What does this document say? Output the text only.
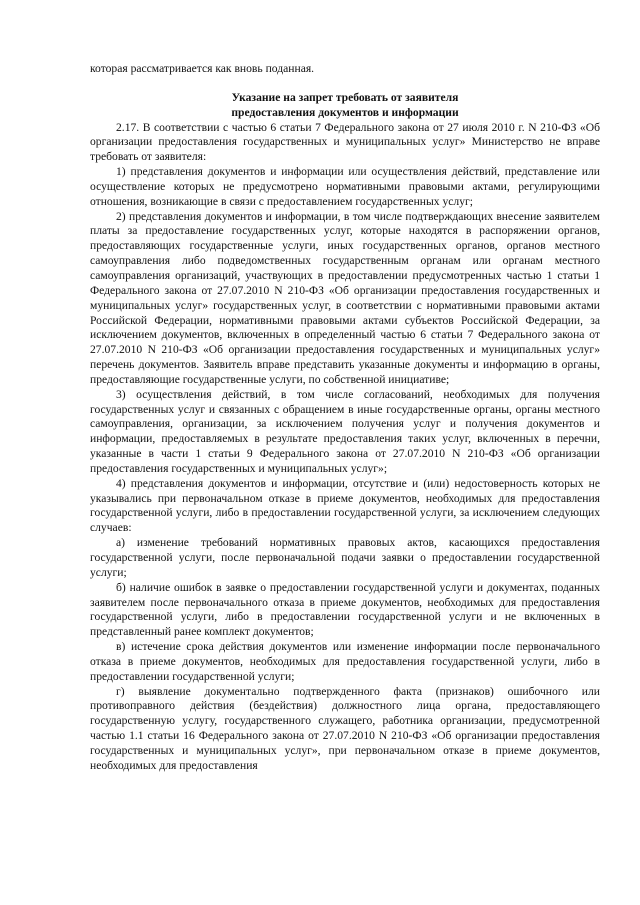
которая рассматривается как вновь поданная.

Указание на запрет требовать от заявителя
предоставления документов и информации

2.17. В соответствии с частью 6 статьи 7 Федерального закона от 27 июля 2010 г. N 210-ФЗ «Об организации предоставления государственных и муниципальных услуг» Министерство не вправе требовать от заявителя:

1) представления документов и информации или осуществления действий, представление или осуществление которых не предусмотрено нормативными правовыми актами, регулирующими отношения, возникающие в связи с предоставлением государственных услуг;

2) представления документов и информации, в том числе подтверждающих внесение заявителем платы за предоставление государственных услуг, которые находятся в распоряжении органов, предоставляющих государственные услуги, иных государственных органов, органов местного самоуправления либо подведомственных государственным органам или органам местного самоуправления организаций, участвующих в предоставлении предусмотренных частью 1 статьи 1 Федерального закона от 27.07.2010 N 210-ФЗ «Об организации предоставления государственных и муниципальных услуг» государственных услуг, в соответствии с нормативными правовыми актами Российской Федерации, нормативными правовыми актами субъектов Российской Федерации, за исключением документов, включенных в определенный частью 6 статьи 7 Федерального закона от 27.07.2010 N 210-ФЗ «Об организации предоставления государственных и муниципальных услуг» перечень документов. Заявитель вправе представить указанные документы и информацию в органы, предоставляющие государственные услуги, по собственной инициативе;

3) осуществления действий, в том числе согласований, необходимых для получения государственных услуг и связанных с обращением в иные государственные органы, органы местного самоуправления, организации, за исключением получения услуг и получения документов и информации, предоставляемых в результате предоставления таких услуг, включенных в перечни, указанные в части 1 статьи 9 Федерального закона от 27.07.2010 N 210-ФЗ «Об организации предоставления государственных и муниципальных услуг»;

4) представления документов и информации, отсутствие и (или) недостоверность которых не указывались при первоначальном отказе в приеме документов, необходимых для предоставления государственной услуги, либо в предоставлении государственной услуги, за исключением следующих случаев:

а) изменение требований нормативных правовых актов, касающихся предоставления государственной услуги, после первоначальной подачи заявки о предоставлении государственной услуги;

б) наличие ошибок в заявке о предоставлении государственной услуги и документах, поданных заявителем после первоначального отказа в приеме документов, необходимых для предоставления государственной услуги, либо в предоставлении государственной услуги и не включенных в представленный ранее комплект документов;

в) истечение срока действия документов или изменение информации после первоначального отказа в приеме документов, необходимых для предоставления государственной услуги, либо в предоставлении государственной услуги;

г) выявление документально подтвержденного факта (признаков) ошибочного или противоправного действия (бездействия) должностного лица органа, предоставляющего государственную услугу, государственного служащего, работника организации, предусмотренной частью 1.1 статьи 16 Федерального закона от 27.07.2010 N 210-ФЗ «Об организации предоставления государственных и муниципальных услуг», при первоначальном отказе в приеме документов, необходимых для предоставления
